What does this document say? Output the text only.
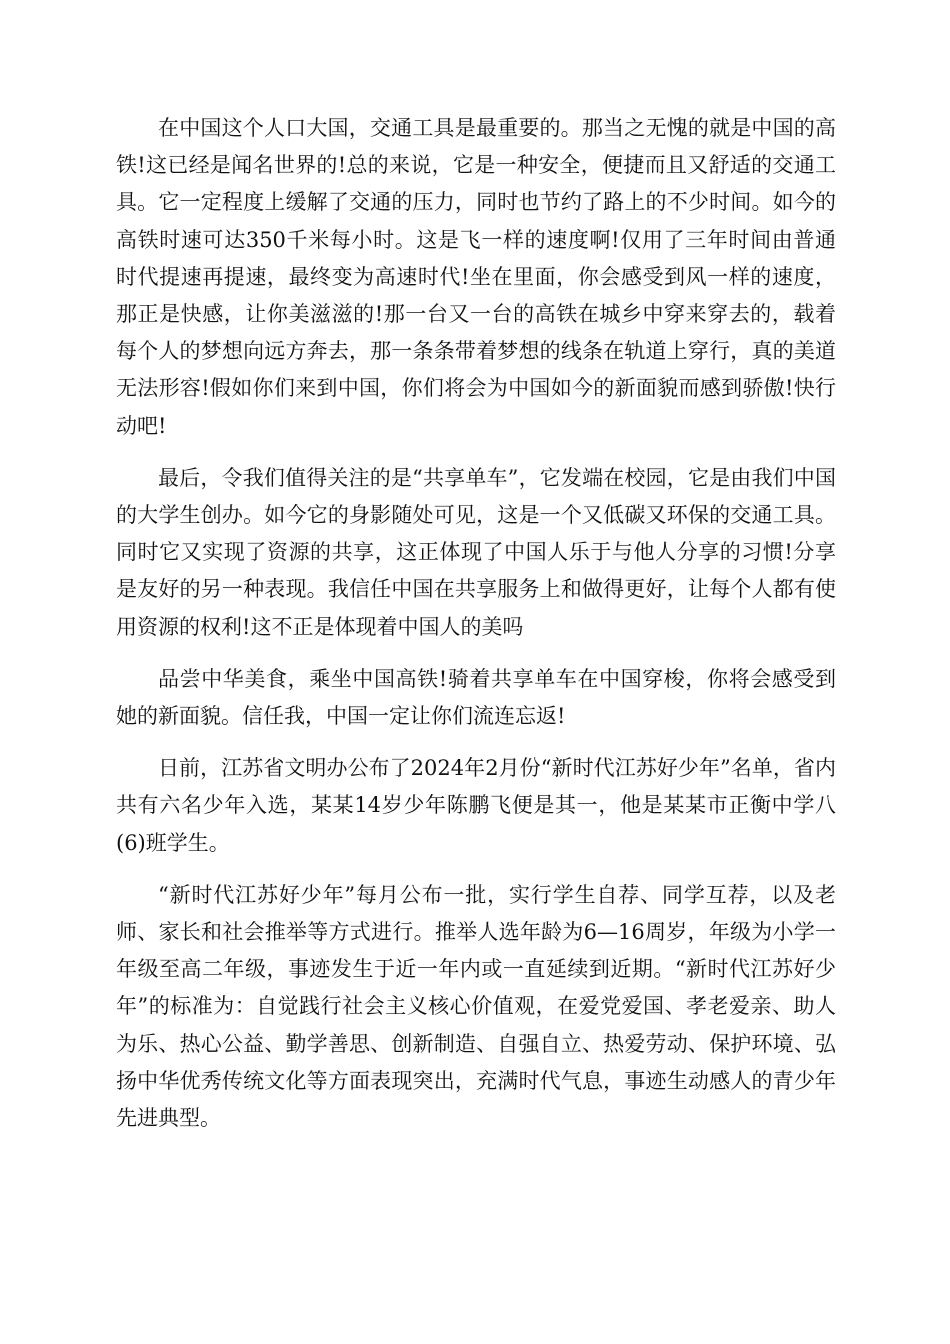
在中国这个人口大国，交通工具是最重要的。那当之无愧的就是中国的高铁!这已经是闻名世界的!总的来说，它是一种安全，便捷而且又舒适的交通工具。它一定程度上缓解了交通的压力，同时也节约了路上的不少时间。如今的高铁时速可达350千米每小时。这是飞一样的速度啊!仅用了三年时间由普通时代提速再提速，最终变为高速时代!坐在里面，你会感受到风一样的速度，那正是快感，让你美滋滋的!那一台又一台的高铁在城乡中穿来穿去的，载着每个人的梦想向远方奔去，那一条条带着梦想的线条在轨道上穿行，真的美道无法形容!假如你们来到中国，你们将会为中国如今的新面貌而感到骄傲!快行动吧!

最后，令我们值得关注的是“共享单车”，它发端在校园，它是由我们中国的大学生创办。如今它的身影随处可见，这是一个又低碳又环保的交通工具。同时它又实现了资源的共享，这正体现了中国人乐于与他人分享的习惯!分享是友好的另一种表现。我信任中国在共享服务上和做得更好，让每个人都有使用资源的权利!这不正是体现着中国人的美吗

品尝中华美食，乘坐中国高铁!骑着共享单车在中国穿梭，你将会感受到她的新面貌。信任我，中国一定让你们流连忘返!

日前，江苏省文明办公布了2024年2月份“新时代江苏好少年”名单，省内共有六名少年入选，某某14岁少年陈鹏飞便是其一，他是某某市正衡中学八(6)班学生。

“新时代江苏好少年”每月公布一批，实行学生自荐、同学互荐，以及老师、家长和社会推举等方式进行。推举人选年龄为6—16周岁，年级为小学一年级至高二年级，事迹发生于近一年内或一直延续到近期。“新时代江苏好少年”的标准为：自觉践行社会主义核心价值观，在爱党爱国、孝老爱亲、助人为乐、热心公益、勤学善思、创新制造、自强自立、热爱劳动、保护环境、弘扬中华优秀传统文化等方面表现突出，充满时代气息，事迹生动感人的青少年先进典型。
